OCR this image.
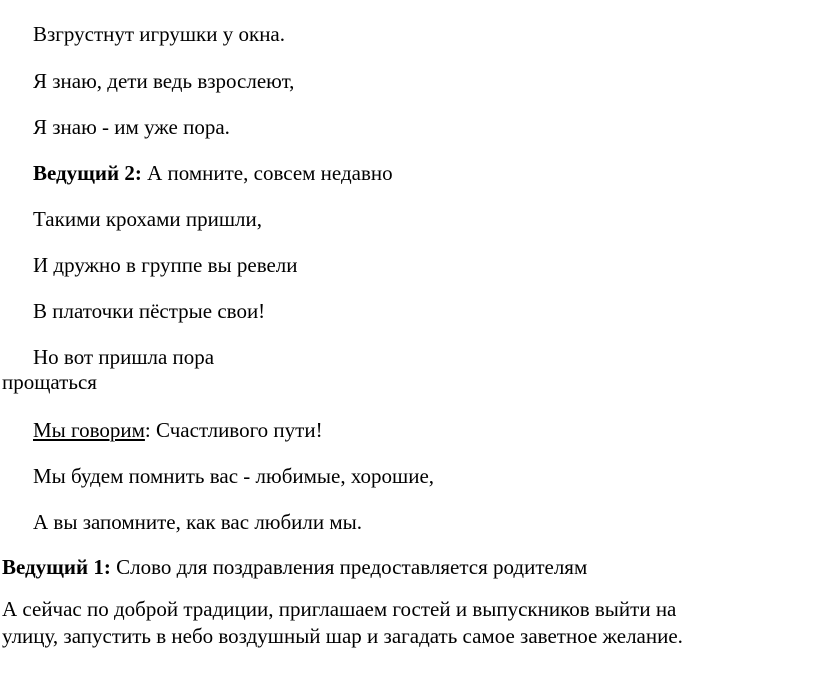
Взгрустнут игрушки у окна.
Я знаю, дети ведь взрослеют,
Я знаю - им уже пора.
Ведущий 2: А помните, совсем недавно
Такими крохами пришли,
И дружно в группе вы ревели
В платочки пёстрые свои!
Но вот пришла пора
прощаться
Мы говорим: Счастливого пути!
Мы будем помнить вас - любимые, хорошие,
А вы запомните, как вас любили мы.
Ведущий 1: Слово для поздравления предоставляется родителям
А сейчас по доброй традиции, приглашаем гостей и выпускников выйти на
улицу, запустить в небо воздушный шар и загадать самое заветное желание.
